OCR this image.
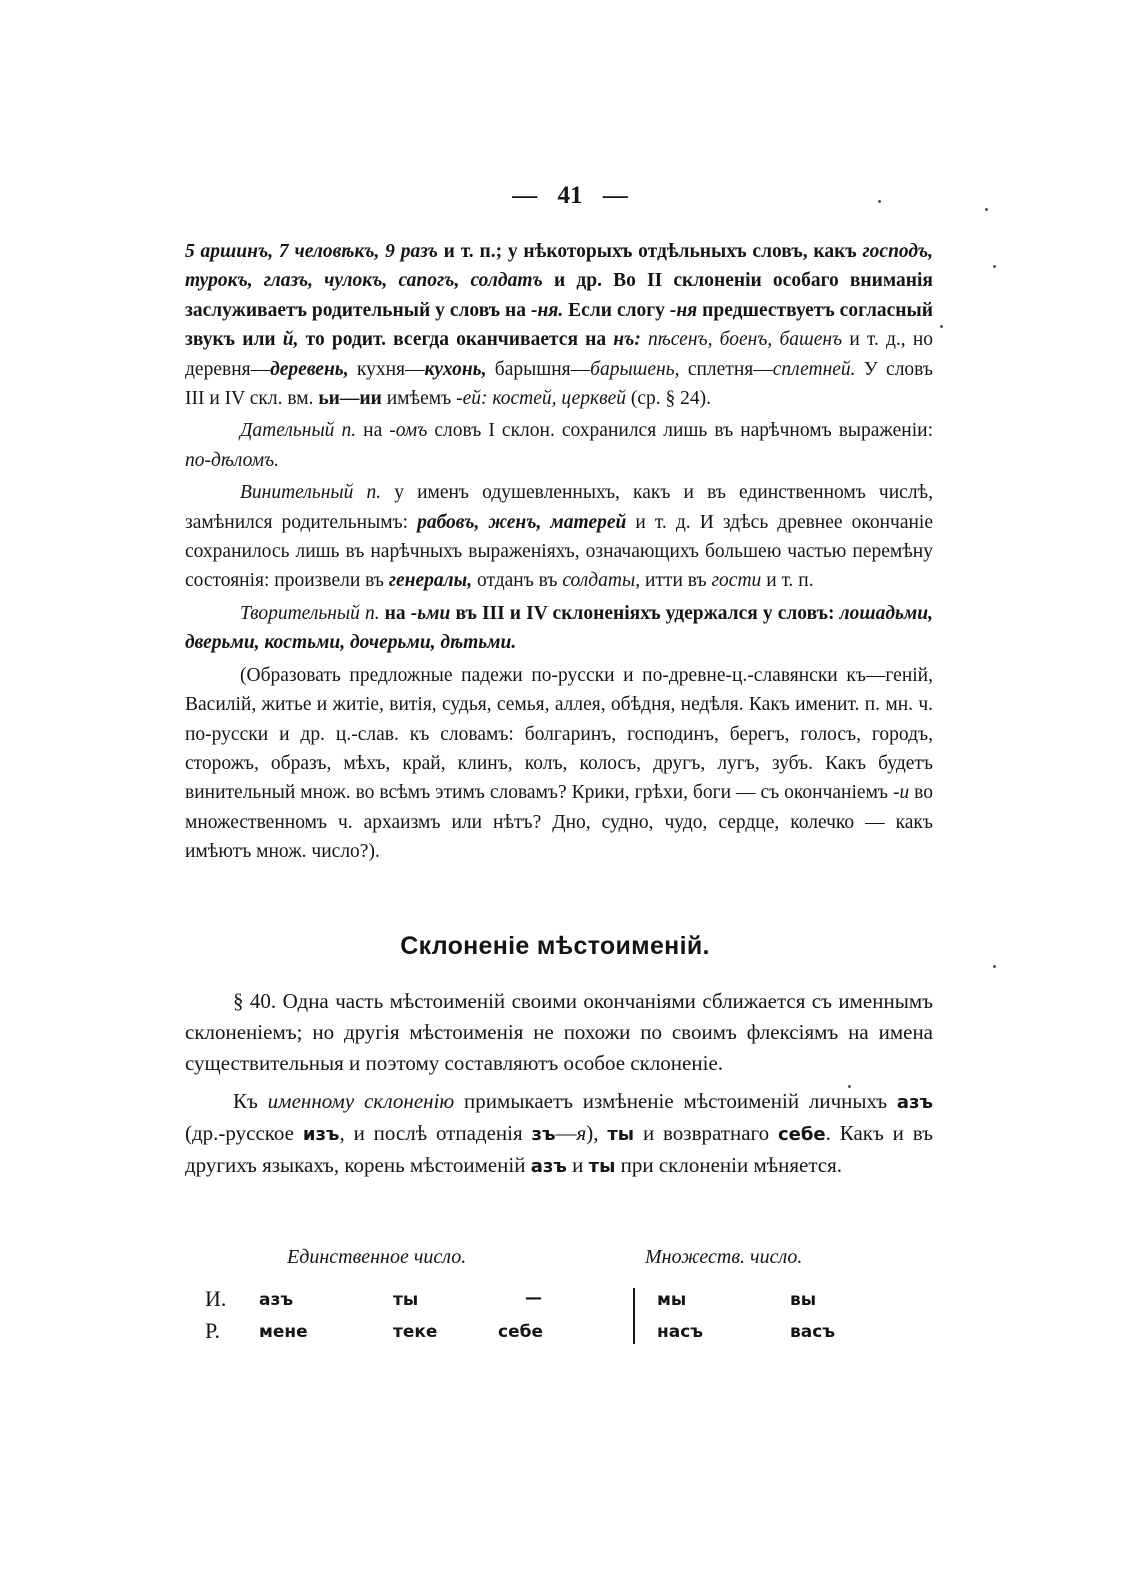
— 41 —

5 аршинъ, 7 человѣкъ, 9 разъ и т. п.; у нѣкоторыхъ отдѣльныхъ словъ, какъ господъ, турокъ, глазъ, чулокъ, сапогъ, солдатъ и др. Во II склоненіи особаго вниманія заслуживаетъ родительный у словъ на -ня. Если слогу -ня предшествуетъ согласный звукъ или й, то родит. всегда оканчивается на нъ: пѣсенъ, боенъ, башенъ и т. д., но деревня—деревень, кухня—кухонь, барышня—барышень, сплетня—сплетней. У словъ III и IV скл. вм. ьи—ии имѣемъ -ей: костей, церквей (ср. § 24).

Дательный п. на -омъ словъ I склон. сохранился лишь въ нарѣчномъ выраженіи: по-дѣломъ.

Винительный п. у именъ одушевленныхъ, какъ и въ единственномъ числѣ, замѣнился родительнымъ: рабовъ, женъ, матерей и т. д. И здѣсь древнее окончаніе сохранилось лишь въ нарѣчныхъ выраженіяхъ, означающихъ большею частью перемѣну состоянія: произвели въ генералы, отданъ въ солдаты, итти въ гости и т. п.

Творительный п. на -ьми въ III и IV склоненіяхъ удержался у словъ: лошадьми, дверьми, костьми, дочерьми, дѣтьми.

(Образовать предложные падежи по-русски и по-древне-ц.-славянски къ—геній, Василій, житье и житіе, витія, судья, семья, аллея, обѣдня, недѣля. Какъ именит. п. мн. ч. по-русски и др. ц.-слав. къ словамъ: болгаринъ, господинъ, берегъ, голосъ, городъ, сторожъ, образъ, мѣхъ, край, клинъ, колъ, колосъ, другъ, лугъ, зубъ. Какъ будетъ винительный множ. во всѣмъ этимъ словамъ? Крики, грѣхи, боги — съ окончаніемъ -и во множественномъ ч. архаизмъ или нѣтъ? Дно, судно, чудо, сердце, колечко — какъ имѣютъ множ. число?).

Склоненіе мѣстоименій.

§ 40. Одна часть мѣстоименій своими окончаніями сближается съ именнымъ склоненіемъ; но другія мѣстоименія не похожи по своимъ флексіямъ на имена существительныя и поэтому составляютъ особое склоненіе.

Къ именному склоненію примыкаетъ измѣненіе мѣстоименій личныхъ азъ (др.-русское изъ, и послѣ отпаденія зъ—я), ты и возвратнаго себе. Какъ и въ другихъ языкахъ, корень мѣстоименій азъ и ты при склоненіи мѣняется.

Единственное число.	Множеств. число.
И. азъ	ты	—	мы	вы
Р. мене	теке	себе	насъ	васъ
